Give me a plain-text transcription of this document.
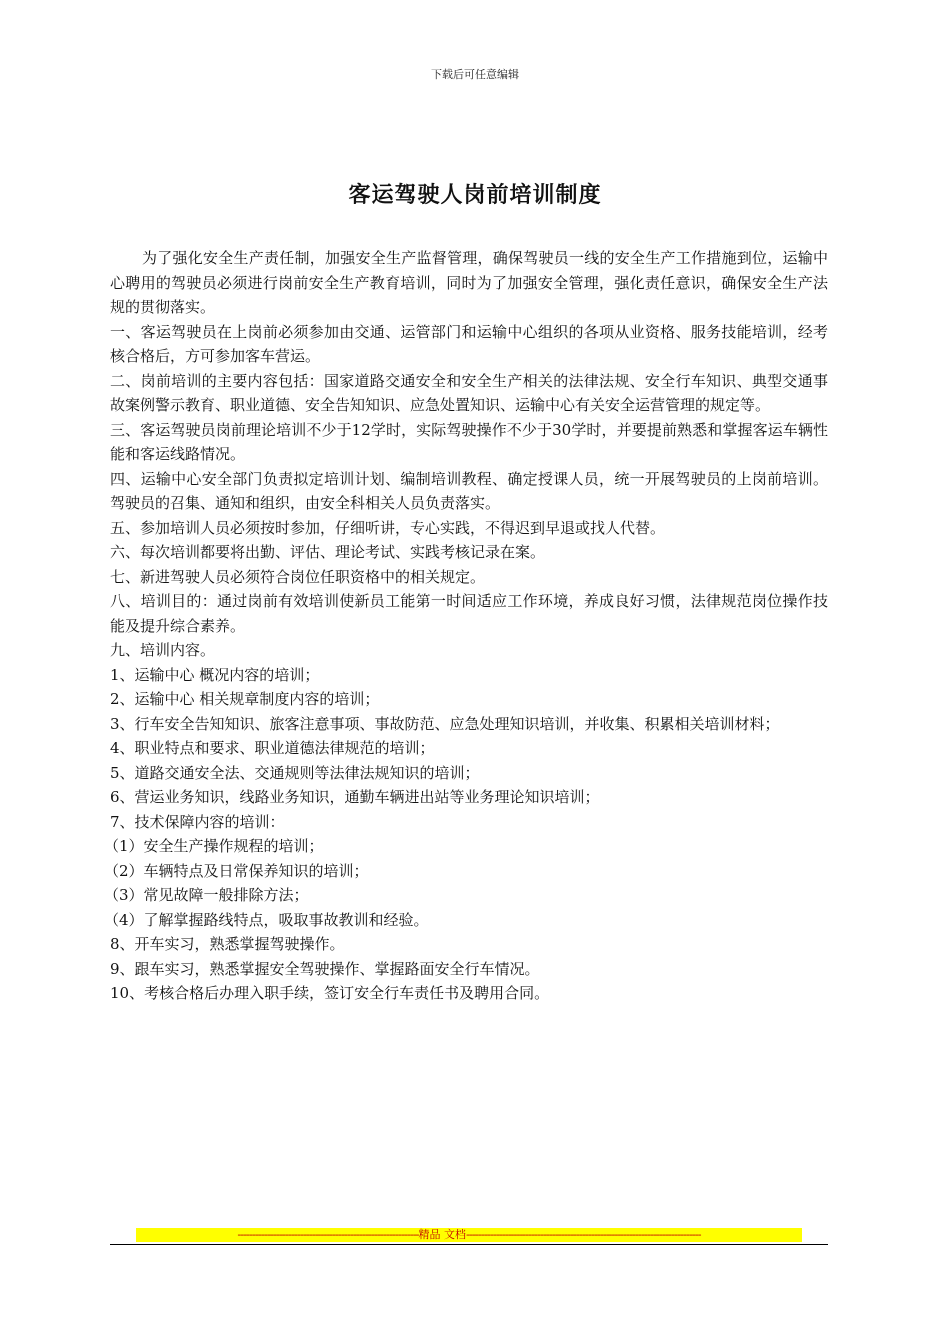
下载后可任意编辑
客运驾驶人岗前培训制度

为了强化安全生产责任制，加强安全生产监督管理，确保驾驶员一线的安全生产工作措施到位，运输中心聘用的驾驶员必须进行岗前安全生产教育培训，同时为了加强安全管理，强化责任意识，确保安全生产法规的贯彻落实。

一、客运驾驶员在上岗前必须参加由交通、运管部门和运输中心组织的各项从业资格、服务技能培训，经考核合格后，方可参加客车营运。

二、岗前培训的主要内容包括：国家道路交通安全和安全生产相关的法律法规、安全行车知识、典型交通事故案例警示教育、职业道德、安全告知知识、应急处置知识、运输中心有关安全运营管理的规定等。

三、客运驾驶员岗前理论培训不少于12学时，实际驾驶操作不少于30学时，并要提前熟悉和掌握客运车辆性能和客运线路情况。

四、运输中心安全部门负责拟定培训计划、编制培训教程、确定授课人员，统一开展驾驶员的上岗前培训。驾驶员的召集、通知和组织，由安全科相关人员负责落实。

五、参加培训人员必须按时参加，仔细听讲，专心实践，不得迟到早退或找人代替。

六、每次培训都要将出勤、评估、理论考试、实践考核记录在案。

七、新进驾驶人员必须符合岗位任职资格中的相关规定。

八、培训目的：通过岗前有效培训使新员工能第一时间适应工作环境，养成良好习惯，法律规范岗位操作技能及提升综合素养。

九、培训内容。

1、运输中心 概况内容的培训；

2、运输中心 相关规章制度内容的培训；

3、行车安全告知知识、旅客注意事项、事故防范、应急处理知识培训，并收集、积累相关培训材料；

4、职业特点和要求、职业道德法律规范的培训；

5、道路交通安全法、交通规则等法律法规知识的培训；

6、营运业务知识，线路业务知识，通勤车辆进出站等业务理论知识培训；

7、技术保障内容的培训：

（1）安全生产操作规程的培训；

（2）车辆特点及日常保养知识的培训；

（3）常见故障一般排除方法；

（4）了解掌握路线特点，吸取事故教训和经验。

8、开车实习，熟悉掌握驾驶操作。

9、跟车实习，熟悉掌握安全驾驶操作、掌握路面安全行车情况。

10、考核合格后办理入职手续，签订安全行车责任书及聘用合同。

-------------------------------------------------------------精品 文档-------------------------------------------------------------------------------
